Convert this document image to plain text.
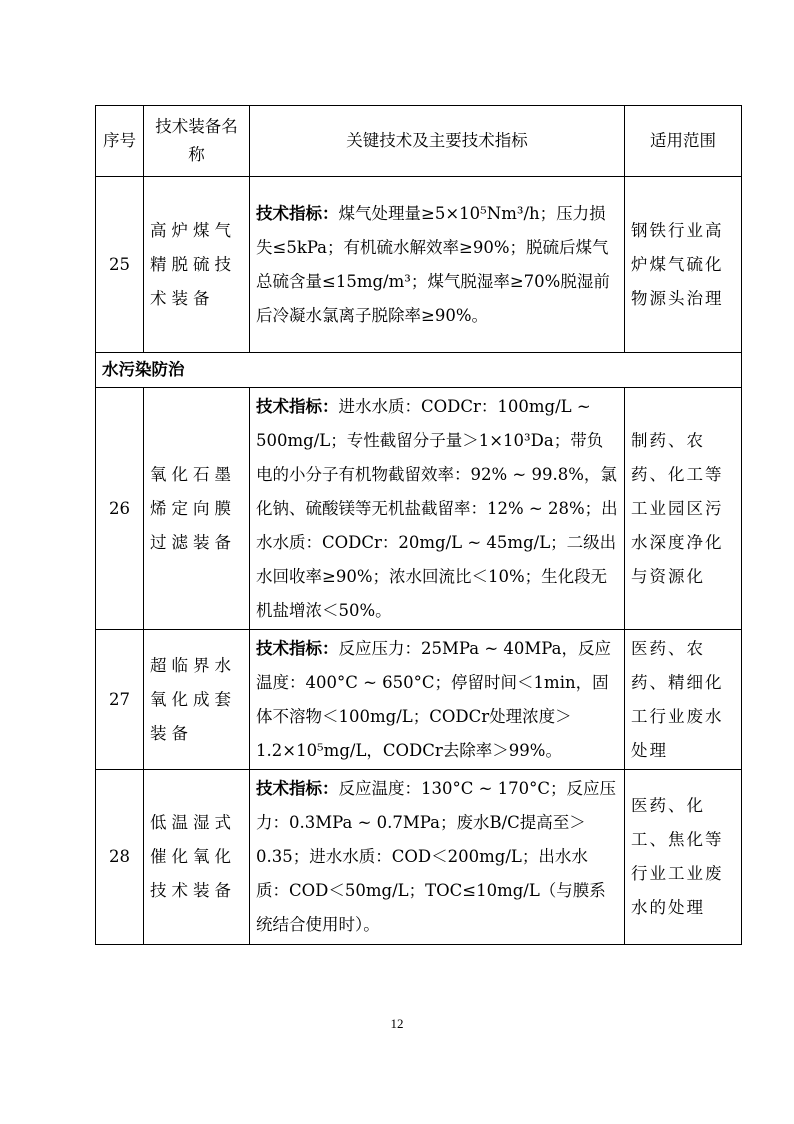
序号	技术装备名称	关键技术及主要技术指标	适用范围
25	高炉煤气精脱硫技术装备	技术指标：煤气处理量≥5×10⁵Nm³/h；压力损失≤5kPa；有机硫水解效率≥90%；脱硫后煤气总硫含量≤15mg/m³；煤气脱湿率≥70%脱湿前后冷凝水氯离子脱除率≥90%。	钢铁行业高炉煤气硫化物源头治理
水污染防治			
26	氧化石墨烯定向膜过滤装备	技术指标：进水水质：CODCr：100mg/L ~ 500mg/L；专性截留分子量＞1×10³Da；带负电的小分子有机物截留效率：92% ~ 99.8%，氯化钠、硫酸镁等无机盐截留率：12% ~ 28%；出水水质：CODCr：20mg/L ~ 45mg/L；二级出水回收率≥90%；浓水回流比＜10%；生化段无机盐增浓＜50%。	制药、农药、化工等工业园区污水深度净化与资源化
27	超临界水氧化成套装备	技术指标：反应压力：25MPa ~ 40MPa，反应温度：400°C ~ 650°C；停留时间＜1min，固体不溶物＜100mg/L；CODCr处理浓度＞1.2×10⁵mg/L，CODCr去除率＞99%。	医药、农药、精细化工行业废水处理
28	低温湿式催化氧化技术装备	技术指标：反应温度：130°C ~ 170°C；反应压力：0.3MPa ~ 0.7MPa；废水B/C提高至＞0.35；进水水质：COD＜200mg/L；出水水质：COD＜50mg/L；TOC≤10mg/L（与膜系统结合使用时）。	医药、化工、焦化等行业工业废水的处理
12
